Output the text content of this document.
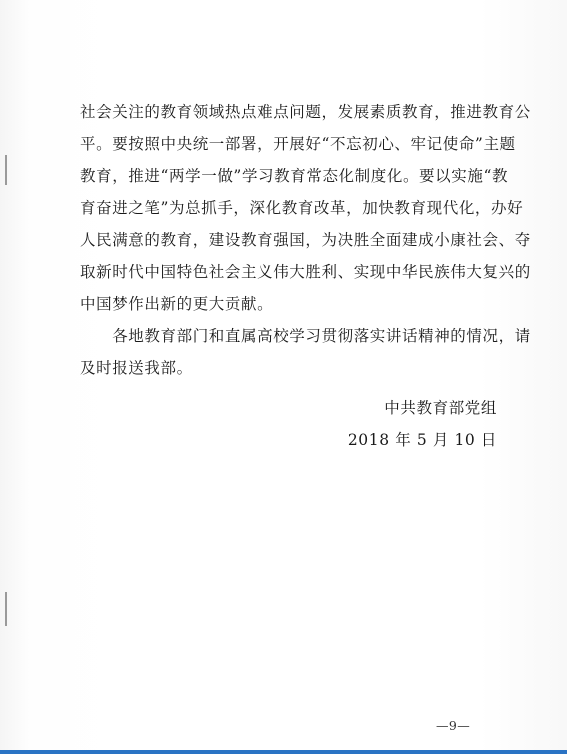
社会关注的教育领域热点难点问题，发展素质教育，推进教育公
平。要按照中央统一部署，开展好“不忘初心、牢记使命”主题
教育，推进“两学一做”学习教育常态化制度化。要以实施“教
育奋进之笔”为总抓手，深化教育改革，加快教育现代化，办好
人民满意的教育，建设教育强国，为决胜全面建成小康社会、夺
取新时代中国特色社会主义伟大胜利、实现中华民族伟大复兴的
中国梦作出新的更大贡献。
　　各地教育部门和直属高校学习贯彻落实讲话精神的情况，请
及时报送我部。
中共教育部党组
2018 年 5 月 10 日
—9—
